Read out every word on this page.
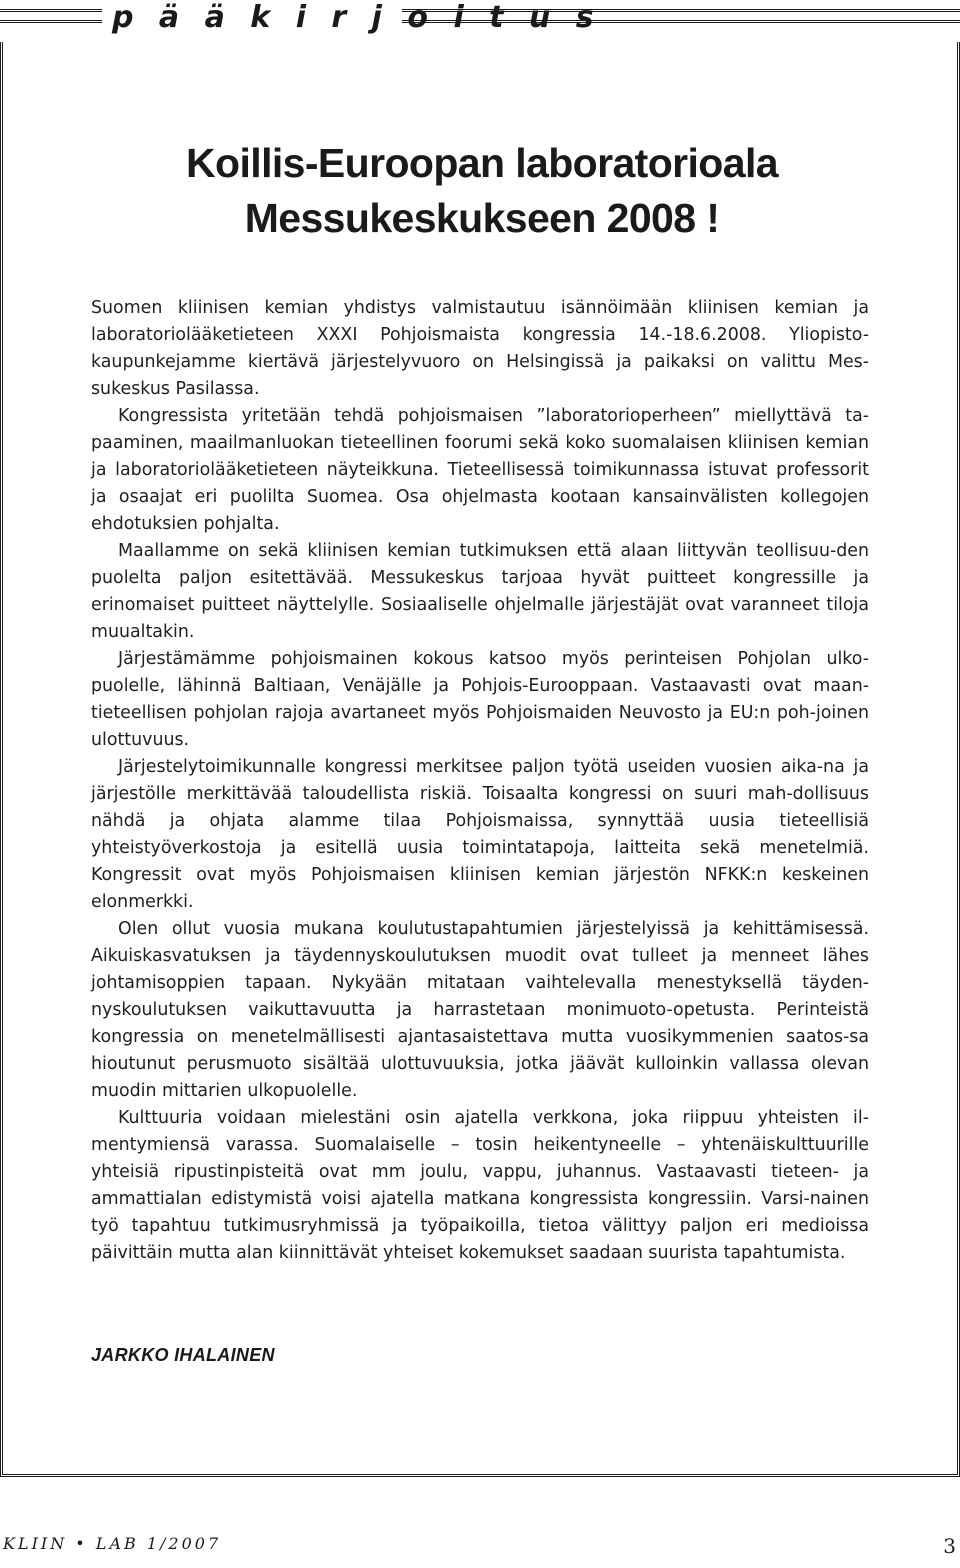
p ä ä k i r j o i t u s
Koillis-Euroopan laboratorioala
Messukeskukseen 2008 !

Suomen kliinisen kemian yhdistys valmistautuu isännöimään kliinisen kemian ja laboratoriolääketieteen XXXI Pohjoismaista kongressia 14.-18.6.2008. Yliopisto-kaupunkejamme kiertävä järjestelyvuoro on Helsingissä ja paikaksi on valittu Mes-sukeskus Pasilassa.

Kongressista yritetään tehdä pohjoismaisen ”laboratorioperheen” miellyttävä ta-paaminen, maailmanluokan tieteellinen foorumi sekä koko suomalaisen kliinisen kemian ja laboratoriolääketieteen näyteikkuna. Tieteellisessä toimikunnassa istuvat professorit ja osaajat eri puolilta Suomea. Osa ohjelmasta kootaan kansainvälisten kollegojen ehdotuksien pohjalta.

Maallamme on sekä kliinisen kemian tutkimuksen että alaan liittyvän teollisuu-den puolelta paljon esitettävää. Messukeskus tarjoaa hyvät puitteet kongressille ja erinomaiset puitteet näyttelylle. Sosiaaliselle ohjelmalle järjestäjät ovat varanneet tiloja muualtakin.

Järjestämämme pohjoismainen kokous katsoo myös perinteisen Pohjolan ulko-puolelle, lähinnä Baltiaan, Venäjälle ja Pohjois-Eurooppaan. Vastaavasti ovat maan-tieteellisen pohjolan rajoja avartaneet myös Pohjoismaiden Neuvosto ja EU:n poh-joinen ulottuvuus.

Järjestelytoimikunnalle kongressi merkitsee paljon työtä useiden vuosien aika-na ja järjestölle merkittävää taloudellista riskiä. Toisaalta kongressi on suuri mah-dollisuus nähdä ja ohjata alamme tilaa Pohjoismaissa, synnyttää uusia tieteellisiä yhteistyöverkostoja ja esitellä uusia toimintatapoja, laitteita sekä menetelmiä. Kongressit ovat myös Pohjoismaisen kliinisen kemian järjestön NFKK:n keskeinen elonmerkki.

Olen ollut vuosia mukana koulutustapahtumien järjestelyissä ja kehittämisessä. Aikuiskasvatuksen ja täydennyskoulutuksen muodit ovat tulleet ja menneet lähes johtamisoppien tapaan. Nykyään mitataan vaihtelevalla menestyksellä täyden-nyskoulutuksen vaikuttavuutta ja harrastetaan monimuoto-opetusta. Perinteistä kongressia on menetelmällisesti ajantasaistettava mutta vuosikymmenien saatos-sa hioutunut perusmuoto sisältää ulottuvuuksia, jotka jäävät kulloinkin vallassa olevan muodin mittarien ulkopuolelle.

Kulttuuria voidaan mielestäni osin ajatella verkkona, joka riippuu yhteisten il-mentymiensä varassa. Suomalaiselle – tosin heikentyneelle – yhtenäiskulttuurille yhteisiä ripustinpisteitä ovat mm joulu, vappu, juhannus. Vastaavasti tieteen- ja ammattialan edistymistä voisi ajatella matkana kongressista kongressiin. Varsi-nainen työ tapahtuu tutkimusryhmissä ja työpaikoilla, tietoa välittyy paljon eri medioissa päivittäin mutta alan kiinnittävät yhteiset kokemukset saadaan suurista tapahtumista.

JARKKO IHALAINEN
KLIIN • LAB 1/2007	3
